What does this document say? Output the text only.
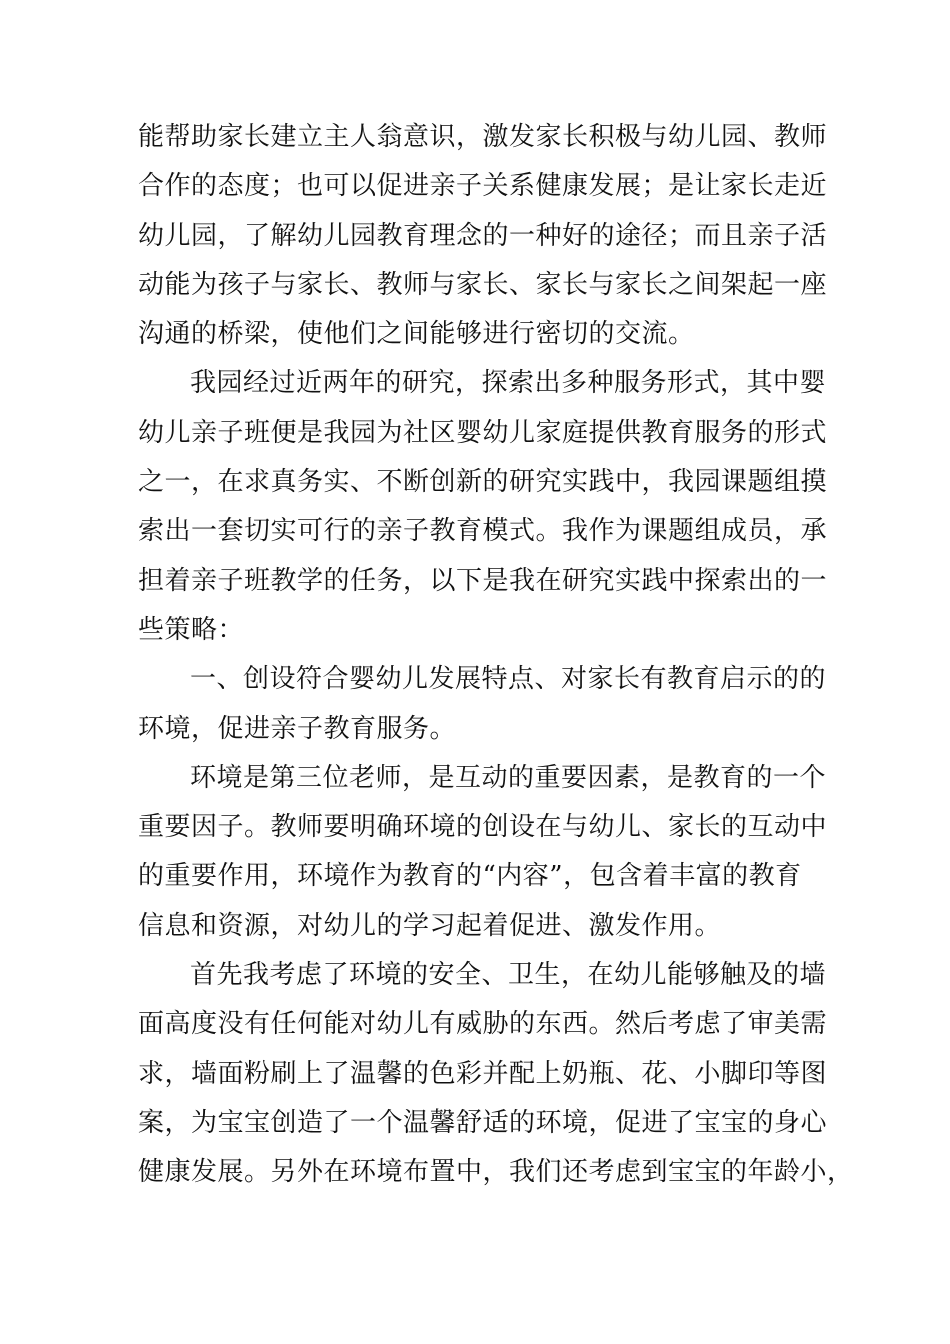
能帮助家长建立主人翁意识，激发家长积极与幼儿园、教师
合作的态度；也可以促进亲子关系健康发展；是让家长走近
幼儿园，了解幼儿园教育理念的一种好的途径；而且亲子活
动能为孩子与家长、教师与家长、家长与家长之间架起一座
沟通的桥梁，使他们之间能够进行密切的交流。
我园经过近两年的研究，探索出多种服务形式，其中婴
幼儿亲子班便是我园为社区婴幼儿家庭提供教育服务的形式
之一，在求真务实、不断创新的研究实践中，我园课题组摸
索出一套切实可行的亲子教育模式。我作为课题组成员，承
担着亲子班教学的任务，以下是我在研究实践中探索出的一
些策略：
一、创设符合婴幼儿发展特点、对家长有教育启示的的
环境，促进亲子教育服务。
环境是第三位老师，是互动的重要因素，是教育的一个
重要因子。教师要明确环境的创设在与幼儿、家长的互动中
的重要作用，环境作为教育的“内容”，包含着丰富的教育
信息和资源，对幼儿的学习起着促进、激发作用。
首先我考虑了环境的安全、卫生，在幼儿能够触及的墙
面高度没有任何能对幼儿有威胁的东西。然后考虑了审美需
求，墙面粉刷上了温馨的色彩并配上奶瓶、花、小脚印等图
案，为宝宝创造了一个温馨舒适的环境，促进了宝宝的身心
健康发展。另外在环境布置中，我们还考虑到宝宝的年龄小，
